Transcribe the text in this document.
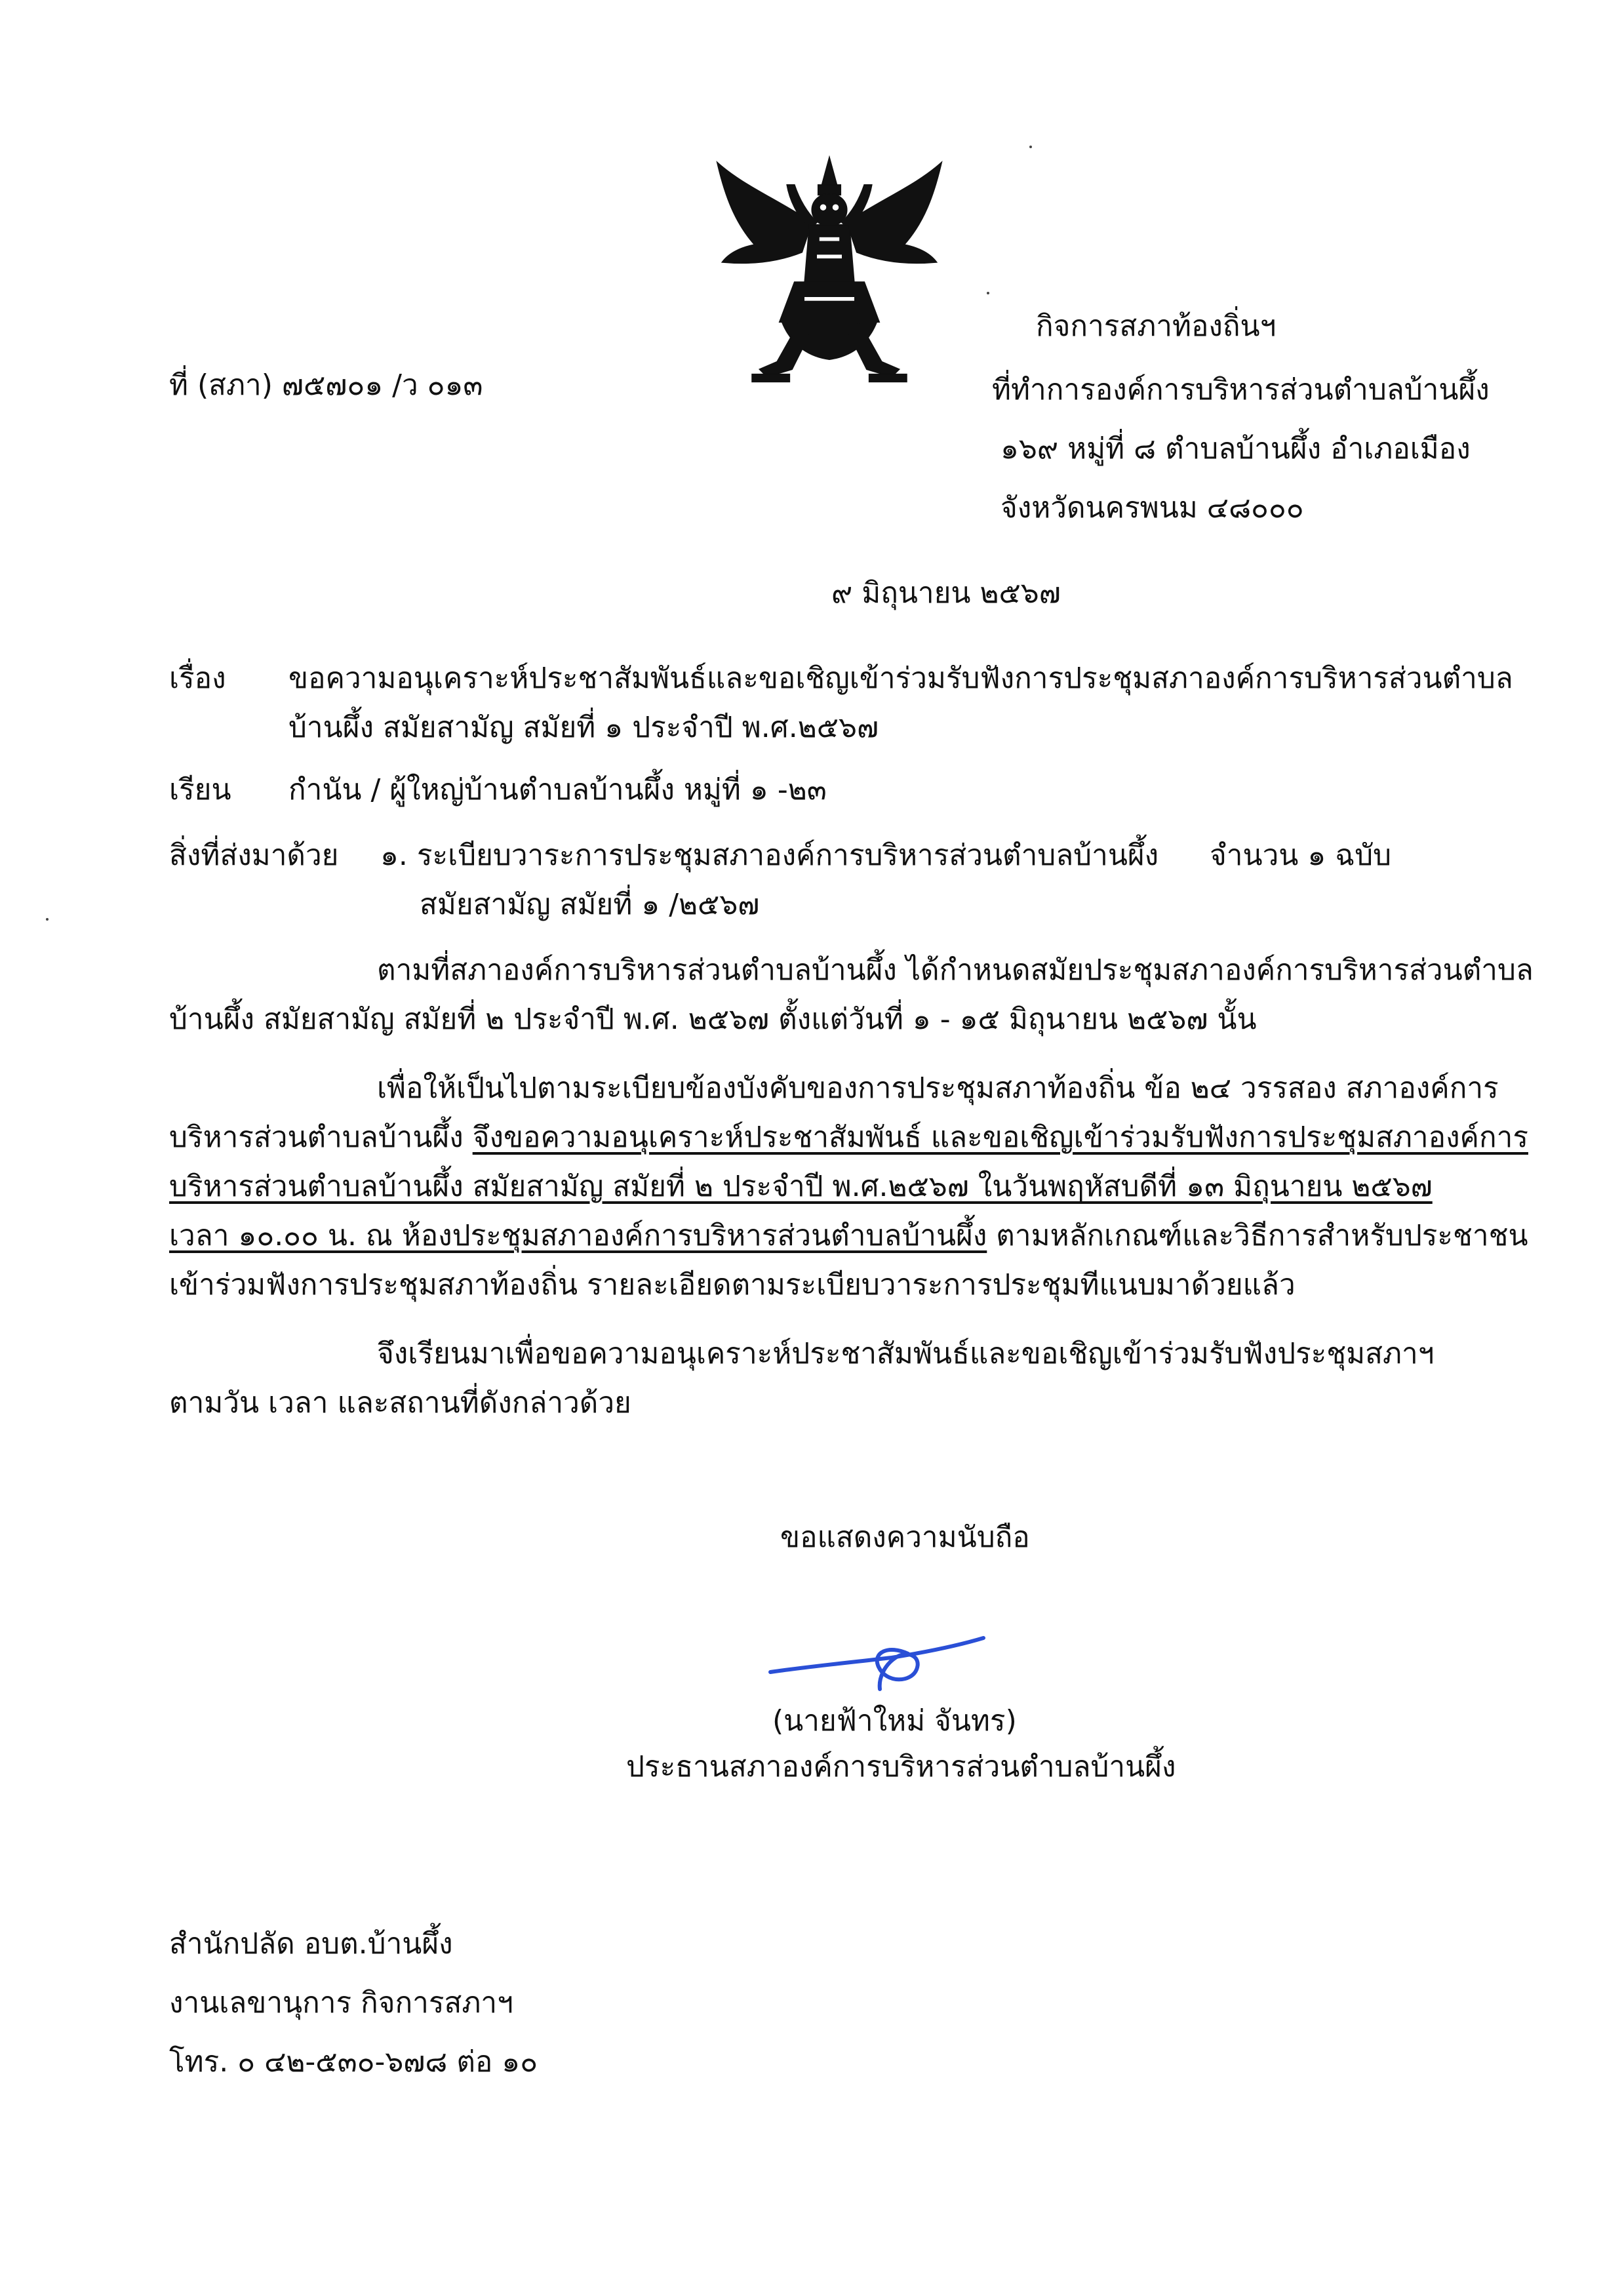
ที่ (สภา) ๗๕๗๐๑ /ว ๐๑๓
กิจการสภาท้องถิ่นฯ
ที่ทำการองค์การบริหารส่วนตำบลบ้านผึ้ง
๑๖๙ หมู่ที่ ๘ ตำบลบ้านผึ้ง อำเภอเมือง
จังหวัดนครพนม ๔๘๐๐๐
๙ มิถุนายน ๒๕๖๗
เรื่อง ขอความอนุเคราะห์ประชาสัมพันธ์และขอเชิญเข้าร่วมรับฟังการประชุมสภาองค์การบริหารส่วนตำบล
บ้านผึ้ง สมัยสามัญ สมัยที่ ๑ ประจำปี พ.ศ.๒๕๖๗
เรียน กำนัน / ผู้ใหญ่บ้านตำบลบ้านผึ้ง หมู่ที่ ๑ -๒๓
สิ่งที่ส่งมาด้วย ๑. ระเบียบวาระการประชุมสภาองค์การบริหารส่วนตำบลบ้านผึ้ง
สมัยสามัญ สมัยที่ ๑ /๒๕๖๗
จำนวน ๑ ฉบับ
ตามที่สภาองค์การบริหารส่วนตำบลบ้านผึ้ง ได้กำหนดสมัยประชุมสภาองค์การบริหารส่วนตำบล
บ้านผึ้ง สมัยสามัญ สมัยที่ ๒ ประจำปี พ.ศ. ๒๕๖๗ ตั้งแต่วันที่ ๑ - ๑๕ มิถุนายน ๒๕๖๗ นั้น
เพื่อให้เป็นไปตามระเบียบข้องบังคับของการประชุมสภาท้องถิ่น ข้อ ๒๔ วรรสอง สภาองค์การ
บริหารส่วนตำบลบ้านผึ้ง จึงขอความอนุเคราะห์ประชาสัมพันธ์ และขอเชิญเข้าร่วมรับฟังการประชุมสภาองค์การ
บริหารส่วนตำบลบ้านผึ้ง สมัยสามัญ สมัยที่ ๒ ประจำปี พ.ศ.๒๕๖๗ ในวันพฤหัสบดีที่ ๑๓ มิถุนายน ๒๕๖๗
เวลา ๑๐.๐๐ น. ณ ห้องประชุมสภาองค์การบริหารส่วนตำบลบ้านผึ้ง ตามหลักเกณฑ์และวิธีการสำหรับประชาชน
เข้าร่วมฟังการประชุมสภาท้องถิ่น รายละเอียดตามระเบียบวาระการประชุมทีแนบมาด้วยแล้ว
จึงเรียนมาเพื่อขอความอนุเคราะห์ประชาสัมพันธ์และขอเชิญเข้าร่วมรับฟังประชุมสภาฯ
ตามวัน เวลา และสถานที่ดังกล่าวด้วย
ขอแสดงความนับถือ
(นายฟ้าใหม่ จันทร)
ประธานสภาองค์การบริหารส่วนตำบลบ้านผึ้ง
สำนักปลัด อบต.บ้านผึ้ง
งานเลขานุการ กิจการสภาฯ
โทร. ๐ ๔๒-๕๓๐-๖๗๘ ต่อ ๑๐
